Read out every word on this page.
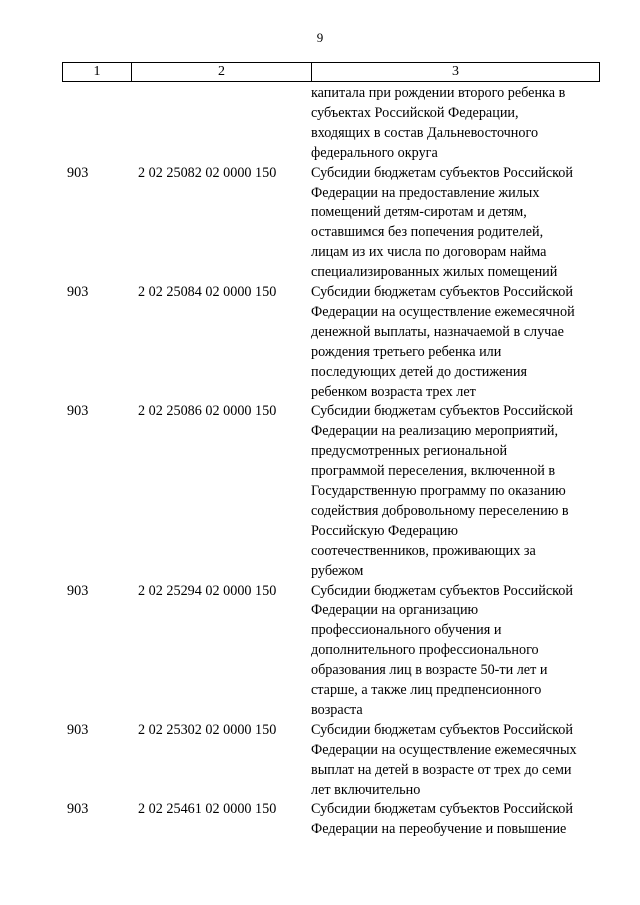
9
1	2	3
капитала при рождении второго ребенка в
субъектах Российской Федерации,
входящих в состав Дальневосточного
федерального округа
903	2 02 25082 02 0000 150 Субсидии бюджетам субъектов Российской
Федерации на предоставление жилых
помещений детям-сиротам и детям,
оставшимся без попечения родителей,
лицам из их числа по договорам найма
специализированных жилых помещений
903	2 02 25084 02 0000 150 Субсидии бюджетам субъектов Российской
Федерации на осуществление ежемесячной
денежной выплаты, назначаемой в случае
рождения третьего ребенка или
последующих детей до достижения
ребенком возраста трех лет
903	2 02 25086 02 0000 150 Субсидии бюджетам субъектов Российской
Федерации на реализацию мероприятий,
предусмотренных региональной
программой переселения, включенной в
Государственную программу по оказанию
содействия добровольному переселению в
Российскую Федерацию
соотечественников, проживающих за
рубежом
903	2 02 25294 02 0000 150 Субсидии бюджетам субъектов Российской
Федерации на организацию
профессионального обучения и
дополнительного профессионального
образования лиц в возрасте 50-ти лет и
старше, а также лиц предпенсионного
возраста
903	2 02 25302 02 0000 150 Субсидии бюджетам субъектов Российской
Федерации на осуществление ежемесячных
выплат на детей в возрасте от трех до семи
лет включительно
903	2 02 25461 02 0000 150 Субсидии бюджетам субъектов Российской
Федерации на переобучение и повышение
